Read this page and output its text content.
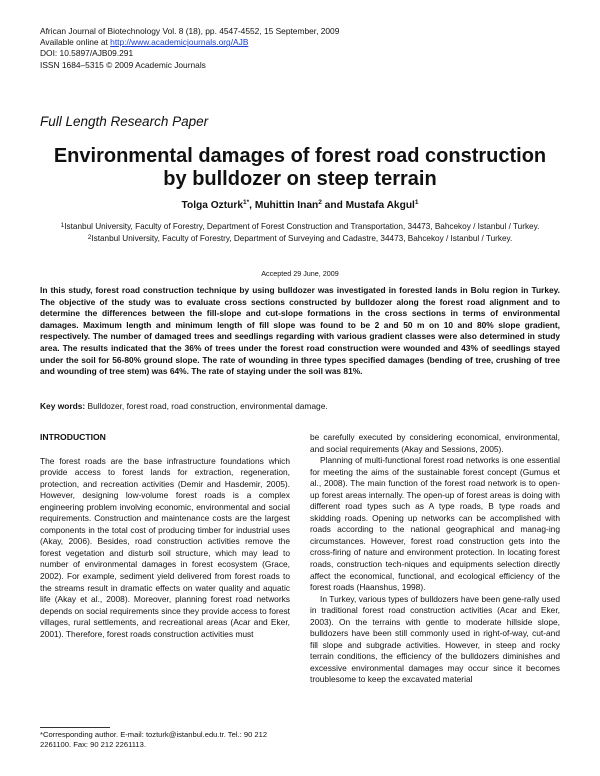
African Journal of Biotechnology Vol. 8 (18), pp. 4547-4552, 15 September, 2009
Available online at http://www.academicjournals.org/AJB
DOI: 10.5897/AJB09.291
ISSN 1684–5315 © 2009 Academic Journals
Full Length Research Paper
Environmental damages of forest road construction by bulldozer on steep terrain
Tolga Ozturk$^{1*}$, Muhittin Inan$^2$ and Mustafa Akgul$^1$
$^1$Istanbul University, Faculty of Forestry, Department of Forest Construction and Transportation, 34473, Bahcekoy / Istanbul / Turkey.
$^2$Istanbul University, Faculty of Forestry, Department of Surveying and Cadastre, 34473, Bahcekoy / Istanbul / Turkey.
Accepted 29 June, 2009
In this study, forest road construction technique by using bulldozer was investigated in forested lands in Bolu region in Turkey. The objective of the study was to evaluate cross sections constructed by bulldozer along the forest road alignment and to determine the differences between the fill-slope and cut-slope formations in the cross sections in terms of environmental damages. Maximum length and minimum length of fill slope was found to be 2 and 50 m on 10 and 80% slope gradient, respectively. The number of damaged trees and seedlings regarding with various gradient classes were also determined in study area. The results indicated that the 36% of trees under the forest road construction were wounded and 43% of seedlings stayed under the soil for 56-80% ground slope. The rate of wounding in three types specified damages (bending of tree, crushing of tree and wounding of tree stem) was 64%. The rate of staying under the soil was 81%.
Key words: Bulldozer, forest road, road construction, environmental damage.

INTRODUCTION

The forest roads are the base infrastructure foundations which provide access to forest lands for extraction, regeneration, protection, and recreation activities (Demir and Hasdemir, 2005). However, designing low-volume forest roads is a complex engineering problem involving economic, environmental and social requirements. Construction and maintenance costs are the largest components in the total cost of producing timber for industrial uses (Akay, 2006). Besides, road construction activities remove the forest vegetation and disturb soil structure, which may lead to number of environmental damages in forest ecosystem (Grace, 2002). For example, sediment yield delivered from forest roads to the streams result in dramatic effects on water quality and aquatic life (Akay et al., 2008). Moreover, planning forest road networks depends on social requirements since they provide access to forest villages, rural settlements, and recreational areas (Acar and Eker, 2001). Therefore, forest roads construction activities must

be carefully executed by considering economical, environmental, and social requirements (Akay and Sessions, 2005).

Planning of multi-functional forest road networks is one essential for meeting the aims of the sustainable forest concept (Gumus et al., 2008). The main function of the forest road network is to open-up forest areas internally. The open-up of forest areas is doing with different road types such as A type roads, B type roads and skidding roads. Opening up networks can be accomplished with roads according to the national geographical and manag-ing circumstances. However, forest road construction gets into the cross-firing of nature and environment protection. In locating forest roads, construction tech-niques and equipments selection directly affect the economical, functional, and ecological efficiency of the forest roads (Haanshus, 1998).

In Turkey, various types of bulldozers have been gene-rally used in traditional forest road construction activities (Acar and Eker, 2003). On the terrains with gentle to moderate hillside slope, bulldozers have been still commonly used in right-of-way, cut-and fill slope and subgrade activities. However, in steep and rocky terrain conditions, the efficiency of the bulldozers diminishes and excessive environmental damages may occur since it becomes troublesome to keep the excavated material

*Corresponding author. E-mail: tozturk@istanbul.edu.tr. Tel.: 90 212 2261100. Fax: 90 212 2261113.
